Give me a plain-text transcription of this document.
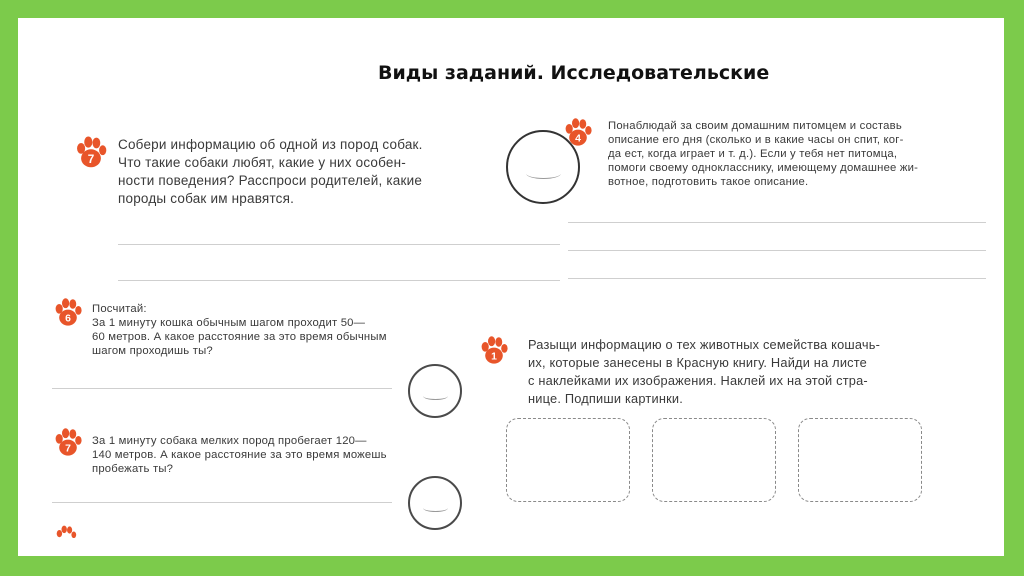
Виды заданий. Исследовательские
7
Собери информацию об одной из пород собак.
Что такие собаки любят, какие у них особен-
ности поведения? Расспроси родителей, какие
породы собак им нравятся.
4
Понаблюдай за своим домашним питомцем и составь
описание его дня (сколько и в какие часы он спит, ког-
да ест, когда играет и т. д.). Если у тебя нет питомца,
помоги своему однокласснику, имеющему домашнее жи-
вотное, подготовить такое описание.
6
Посчитай:
За 1 минуту кошка обычным шагом проходит 50—
60 метров. А какое расстояние за это время обычным
шагом проходишь ты?
1
Разыщи информацию о тех животных семейства кошачь-
их, которые занесены в Красную книгу. Найди на листе
с наклейками их изображения. Наклей их на этой стра-
нице. Подпиши картинки.
7
За 1 минуту собака мелких пород пробегает 120—
140 метров. А какое расстояние за это время можешь
пробежать ты?
